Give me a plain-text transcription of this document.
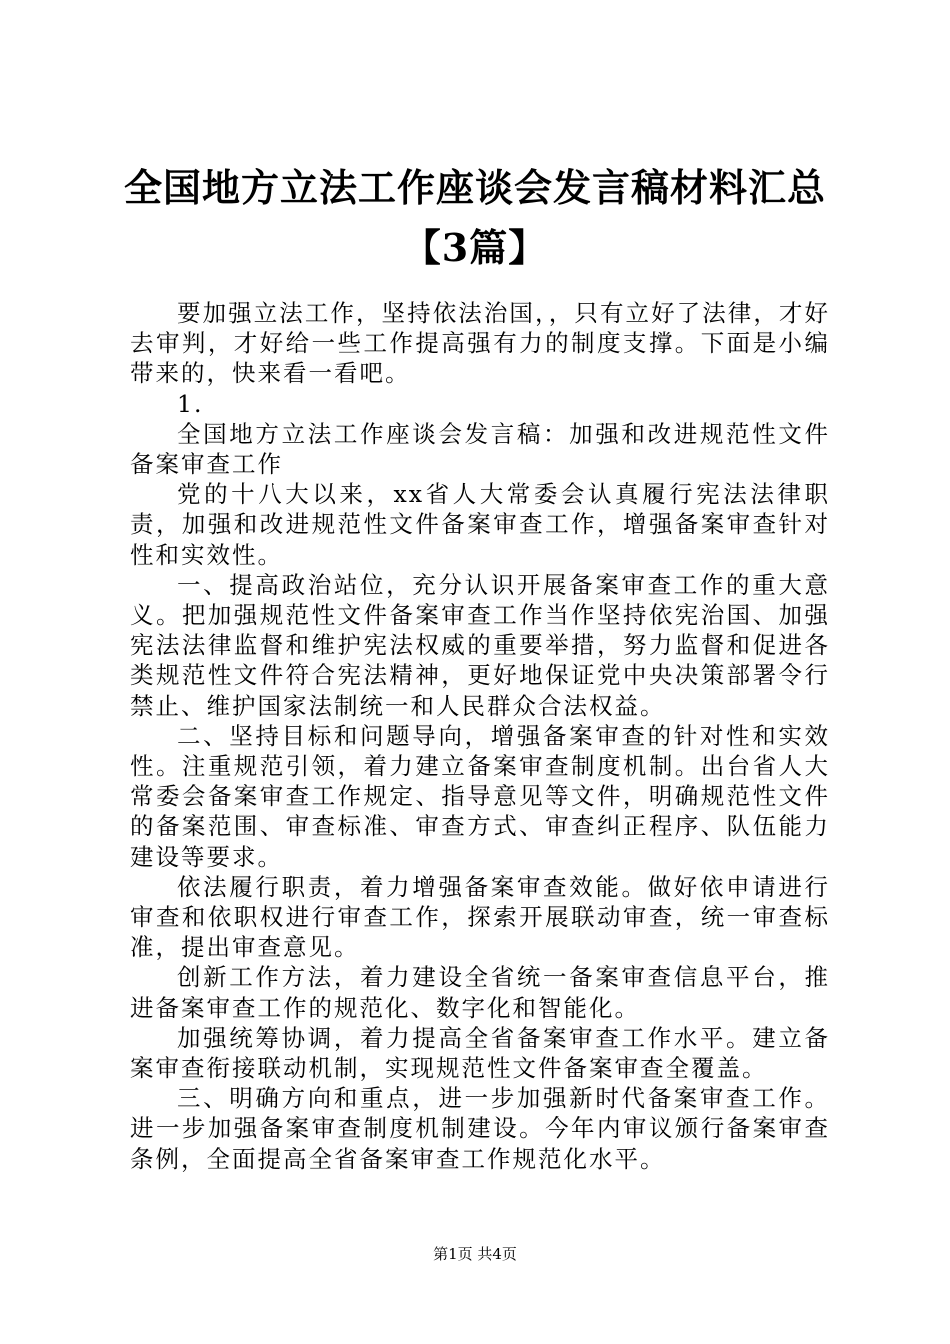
全国地方立法工作座谈会发言稿材料汇总【3篇】

要加强立法工作，坚持依法治国，，只有立好了法律，才好去审判，才好给一些工作提高强有力的制度支撑。下面是小编带来的，快来看一看吧。

1.

全国地方立法工作座谈会发言稿：加强和改进规范性文件备案审查工作

党的十八大以来，xx省人大常委会认真履行宪法法律职责，加强和改进规范性文件备案审查工作，增强备案审查针对性和实效性。

一、提高政治站位，充分认识开展备案审查工作的重大意义。把加强规范性文件备案审查工作当作坚持依宪治国、加强宪法法律监督和维护宪法权威的重要举措，努力监督和促进各类规范性文件符合宪法精神，更好地保证党中央决策部署令行禁止、维护国家法制统一和人民群众合法权益。

二、坚持目标和问题导向，增强备案审查的针对性和实效性。注重规范引领，着力建立备案审查制度机制。出台省人大常委会备案审查工作规定、指导意见等文件，明确规范性文件的备案范围、审查标准、审查方式、审查纠正程序、队伍能力建设等要求。

依法履行职责，着力增强备案审查效能。做好依申请进行审查和依职权进行审查工作，探索开展联动审查，统一审查标准，提出审查意见。

创新工作方法，着力建设全省统一备案审查信息平台，推进备案审查工作的规范化、数字化和智能化。

加强统筹协调，着力提高全省备案审查工作水平。建立备案审查衔接联动机制，实现规范性文件备案审查全覆盖。

三、明确方向和重点，进一步加强新时代备案审查工作。进一步加强备案审查制度机制建设。今年内审议颁行备案审查条例，全面提高全省备案审查工作规范化水平。

第1页 共4页
